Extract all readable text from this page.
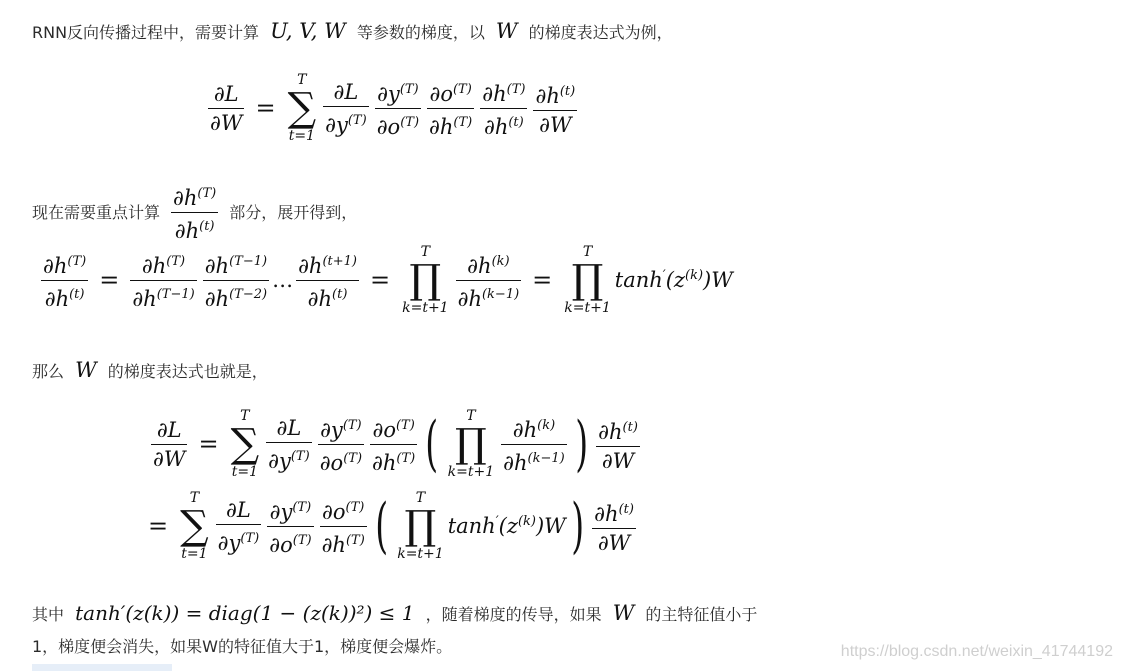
RNN反向传播过程中，需要计算 U, V, W 等参数的梯度，以 W 的梯度表达式为例，
$\frac{\partial L}{\partial W}$ =
T
∑
$t=1 \frac{\partial L}{\partial y^{(T)}} \frac{\partial y^{(T)}}{\partial o^{(T)}} \frac{\partial o^{(T)}}{\partial h^{(T)}} \frac{\partial h^{(T)}}{\partial h^{(t)}} \frac{\partial h^{(t)}}{\partial W}$
现在需要重点计算 $\frac{\partial h^{(T)}}{\partial h^{(t)}}$ 部分，展开得到，
$\frac{\partial h^{(T)}}{\partial h^{(t)}} = \frac{\partial h^{(T)}}{\partial h^{(T-1)}} \frac{\partial h^{(T-1)}}{\partial h^{(T-2)}}$ … $\frac{\partial h^{(t+1)}}{\partial h^{(t)}}$ =
T
∏
$k=t+1 \frac{\partial h^{(k)}}{\partial h^{(k-1)}}$ =
T
∏
k=t+1
$\tanh'(z^{(k)})W$
那么 W 的梯度表达式也就是，
$\frac{\partial L}{\partial W}$ =
T
∑
$t=1 \frac{\partial L}{\partial y^{(T)}} \frac{\partial y^{(T)}}{\partial o^{(T)}} \frac{\partial o^{(T)}}{\partial h^{(T)}}$ ( T
∏
$k=t+1 \frac{\partial h^{(k)}}{\partial h^{(k-1)}}$ ) $\frac{\partial h^{(t)}}{\partial W}$
=
T
∑
$t=1 \frac{\partial L}{\partial y^{(T)}} \frac{\partial y^{(T)}}{\partial o^{(T)}} \frac{\partial o^{(T)}}{\partial h^{(T)}}$ ( T
∏
k=t+1
$\tanh'(z^{(k)})W$ ) $\frac{\partial h^{(t)}}{\partial W}$
其中 tanh′(z(k)) = diag(1 − (z(k))²) ≤ 1 ，随着梯度的传导，如果 W 的主特征值小于
1，梯度便会消失，如果W的特征值大于1，梯度便会爆炸。	https://blog.csdn.net/weixin_41744192
